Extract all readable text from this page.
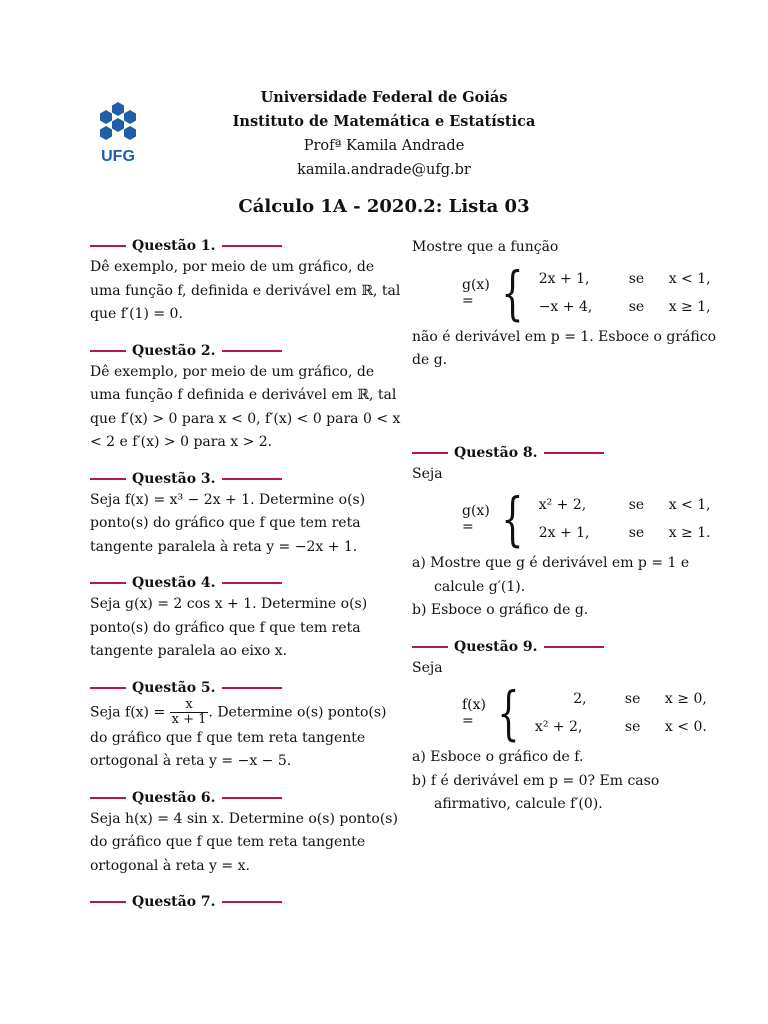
UFG
Universidade Federal de Goiás
Instituto de Matemática e Estatística
Profª Kamila Andrade
kamila.andrade@ufg.br
Cálculo 1A - 2020.2: Lista 03
Questão 1.
Dê exemplo, por meio de um gráfico, de uma função f, definida e derivável em ℝ, tal que f′(1) = 0.
Questão 2.
Dê exemplo, por meio de um gráfico, de uma função f definida e derivável em ℝ, tal que f′(x) > 0 para x < 0, f′(x) < 0 para 0 < x < 2 e f′(x) > 0 para x > 2.
Questão 3.
Seja f(x) = x³ − 2x + 1. Determine o(s) ponto(s) do gráfico que f que tem reta tangente paralela à reta y = −2x + 1.
Questão 4.
Seja g(x) = 2 cos x + 1. Determine o(s) ponto(s) do gráfico que f que tem reta tangente paralela ao eixo x.
Questão 5.
Seja $f(x) = \frac{x}{x + 1}$ . Determine o(s) ponto(s) do gráfico que f que tem reta tangente ortogonal à reta y = −x − 5.
Questão 6.
Seja h(x) = 4 sin x. Determine o(s) ponto(s) do gráfico que f que tem reta tangente ortogonal à reta y = x.
Questão 7.
Mostre que a função
g(x) = { 2x + 1,	se	x < 1,
−x + 4,	se	x ≥ 1,
não é derivável em p = 1. Esboce o gráfico de g.
Questão 8.
Seja
g(x) = { x² + 2,	se	x < 1,
2x + 1,	se	x ≥ 1.
a) Mostre que g é derivável em p = 1 e calcule g′(1).
b) Esboce o gráfico de g.
Questão 9.
Seja
f(x) = {	2,	se	x ≥ 0,
x² + 2,	se	x < 0.
a) Esboce o gráfico de f.
b) f é derivável em p = 0? Em caso afirmativo, calcule f′(0).
